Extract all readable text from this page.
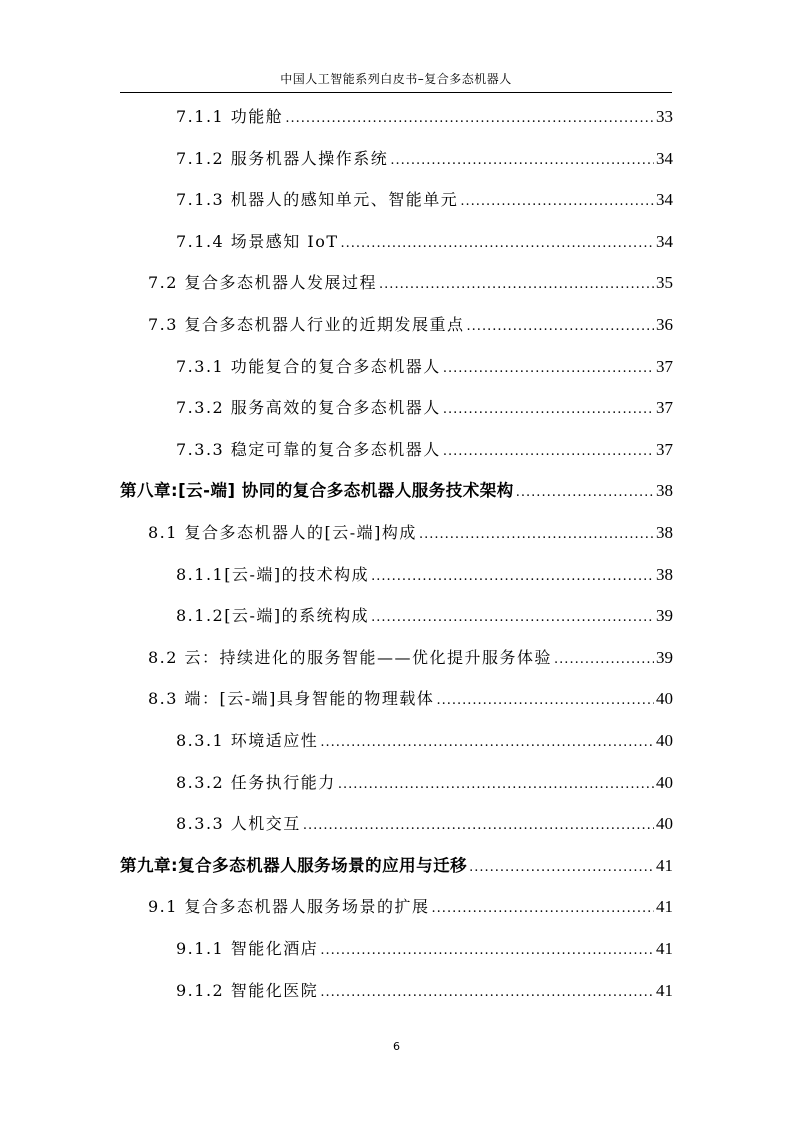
中国人工智能系列白皮书–复合多态机器人
7.1.1 功能舱 .....	33
7.1.2 服务机器人操作系统 .....	34
7.1.3 机器人的感知单元、智能单元 .....	34
7.1.4 场景感知 IoT .....	34
7.2 复合多态机器人发展过程 .....	35
7.3 复合多态机器人行业的近期发展重点 .....	36
7.3.1 功能复合的复合多态机器人 .....	37
7.3.2 服务高效的复合多态机器人 .....	37
7.3.3 稳定可靠的复合多态机器人 .....	37
第八章:[云-端] 协同的复合多态机器人服务技术架构 .....	38
8.1 复合多态机器人的[云-端]构成 .....	38
8.1.1[云-端]的技术构成 .....	38
8.1.2[云-端]的系统构成 .....	39
8.2 云：持续进化的服务智能——优化提升服务体验 .....	39
8.3 端：[云-端]具身智能的物理载体 .....	40
8.3.1 环境适应性 .....	40
8.3.2 任务执行能力 .....	40
8.3.3 人机交互 .....	40
第九章:复合多态机器人服务场景的应用与迁移 .....	41
9.1 复合多态机器人服务场景的扩展 .....	41
9.1.1 智能化酒店 .....	41
9.1.2 智能化医院 .....	41
6
